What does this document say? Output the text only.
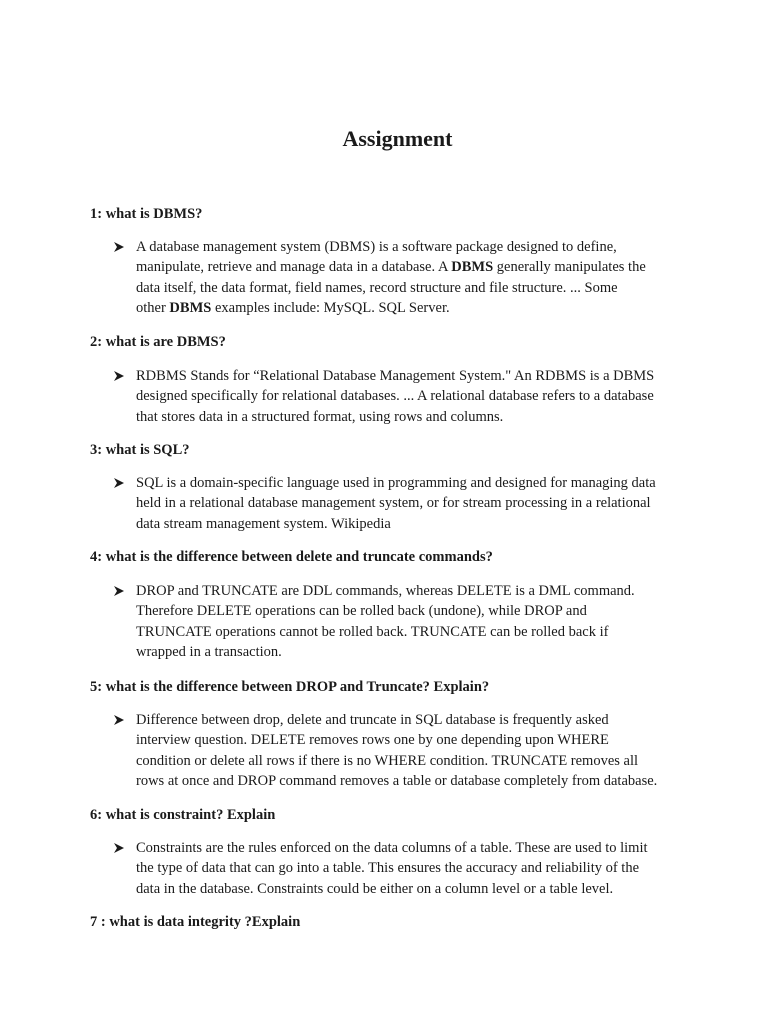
Assignment
1: what is DBMS?
A database management system (DBMS) is a software package designed to define,
manipulate, retrieve and manage data in a database. A DBMS generally manipulates the
data itself, the data format, field names, record structure and file structure. ... Some
other DBMS examples include: MySQL. SQL Server.
2: what is are DBMS?
RDBMS Stands for “Relational Database Management System." An RDBMS is a DBMS
designed specifically for relational databases. ... A relational database refers to a database
that stores data in a structured format, using rows and columns.
3: what is SQL?
SQL is a domain-specific language used in programming and designed for managing data
held in a relational database management system, or for stream processing in a relational
data stream management system. Wikipedia
4: what is the difference between delete and truncate commands?
DROP and TRUNCATE are DDL commands, whereas DELETE is a DML command.
Therefore DELETE operations can be rolled back (undone), while DROP and
TRUNCATE operations cannot be rolled back. TRUNCATE can be rolled back if
wrapped in a transaction.
5: what is the difference between DROP and Truncate? Explain?
Difference between drop, delete and truncate in SQL database is frequently asked
interview question. DELETE removes rows one by one depending upon WHERE
condition or delete all rows if there is no WHERE condition. TRUNCATE removes all
rows at once and DROP command removes a table or database completely from database.
6: what is constraint? Explain
Constraints are the rules enforced on the data columns of a table. These are used to limit
the type of data that can go into a table. This ensures the accuracy and reliability of the
data in the database. Constraints could be either on a column level or a table level.
7 : what is data integrity ?Explain
